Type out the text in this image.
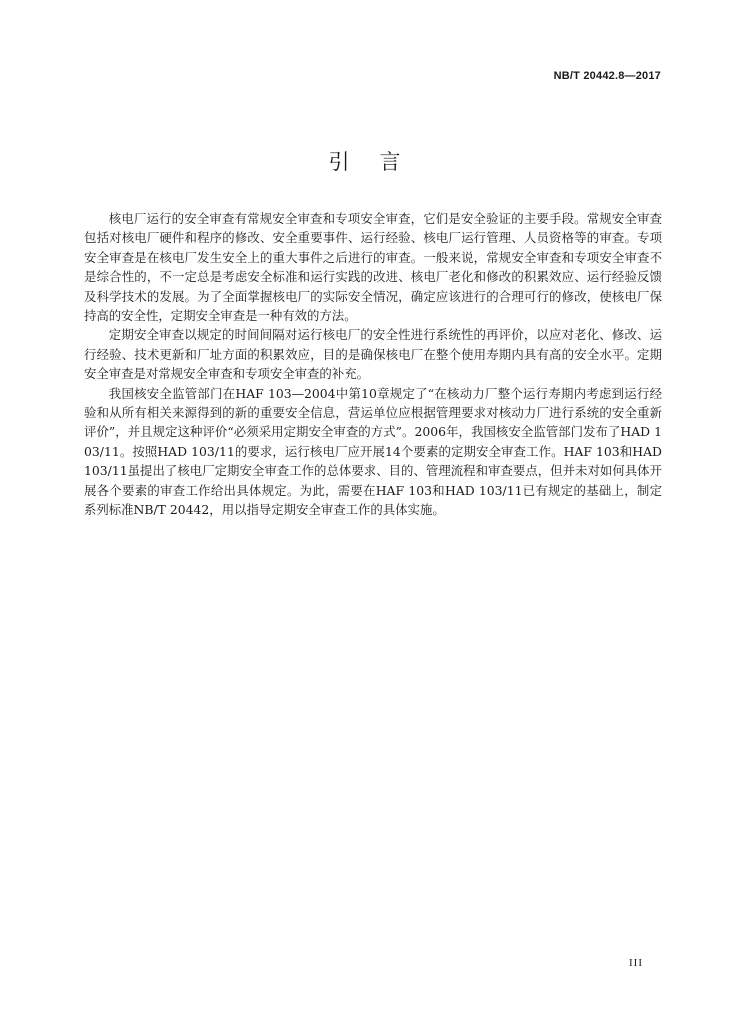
NB/T 20442.8—2017
引言

核电厂运行的安全审查有常规安全审查和专项安全审查，它们是安全验证的主要手段。常规安全审查包括对核电厂硬件和程序的修改、安全重要事件、运行经验、核电厂运行管理、人员资格等的审查。专项安全审查是在核电厂发生安全上的重大事件之后进行的审查。一般来说，常规安全审查和专项安全审查不是综合性的，不一定总是考虑安全标准和运行实践的改进、核电厂老化和修改的积累效应、运行经验反馈及科学技术的发展。为了全面掌握核电厂的实际安全情况，确定应该进行的合理可行的修改，使核电厂保持高的安全性，定期安全审查是一种有效的方法。

定期安全审查以规定的时间间隔对运行核电厂的安全性进行系统性的再评价，以应对老化、修改、运行经验、技术更新和厂址方面的积累效应，目的是确保核电厂在整个使用寿期内具有高的安全水平。定期安全审查是对常规安全审查和专项安全审查的补充。

我国核安全监管部门在HAF 103—2004中第10章规定了“在核动力厂整个运行寿期内考虑到运行经验和从所有相关来源得到的新的重要安全信息，营运单位应根据管理要求对核动力厂进行系统的安全重新评价”，并且规定这种评价“必须采用定期安全审查的方式”。2006年，我国核安全监管部门发布了HAD 103/11。按照HAD 103/11的要求，运行核电厂应开展14个要素的定期安全审查工作。HAF 103和HAD 103/11虽提出了核电厂定期安全审查工作的总体要求、目的、管理流程和审查要点，但并未对如何具体开展各个要素的审查工作给出具体规定。为此，需要在HAF 103和HAD 103/11已有规定的基础上，制定系列标准NB/T 20442，用以指导定期安全审查工作的具体实施。

III
